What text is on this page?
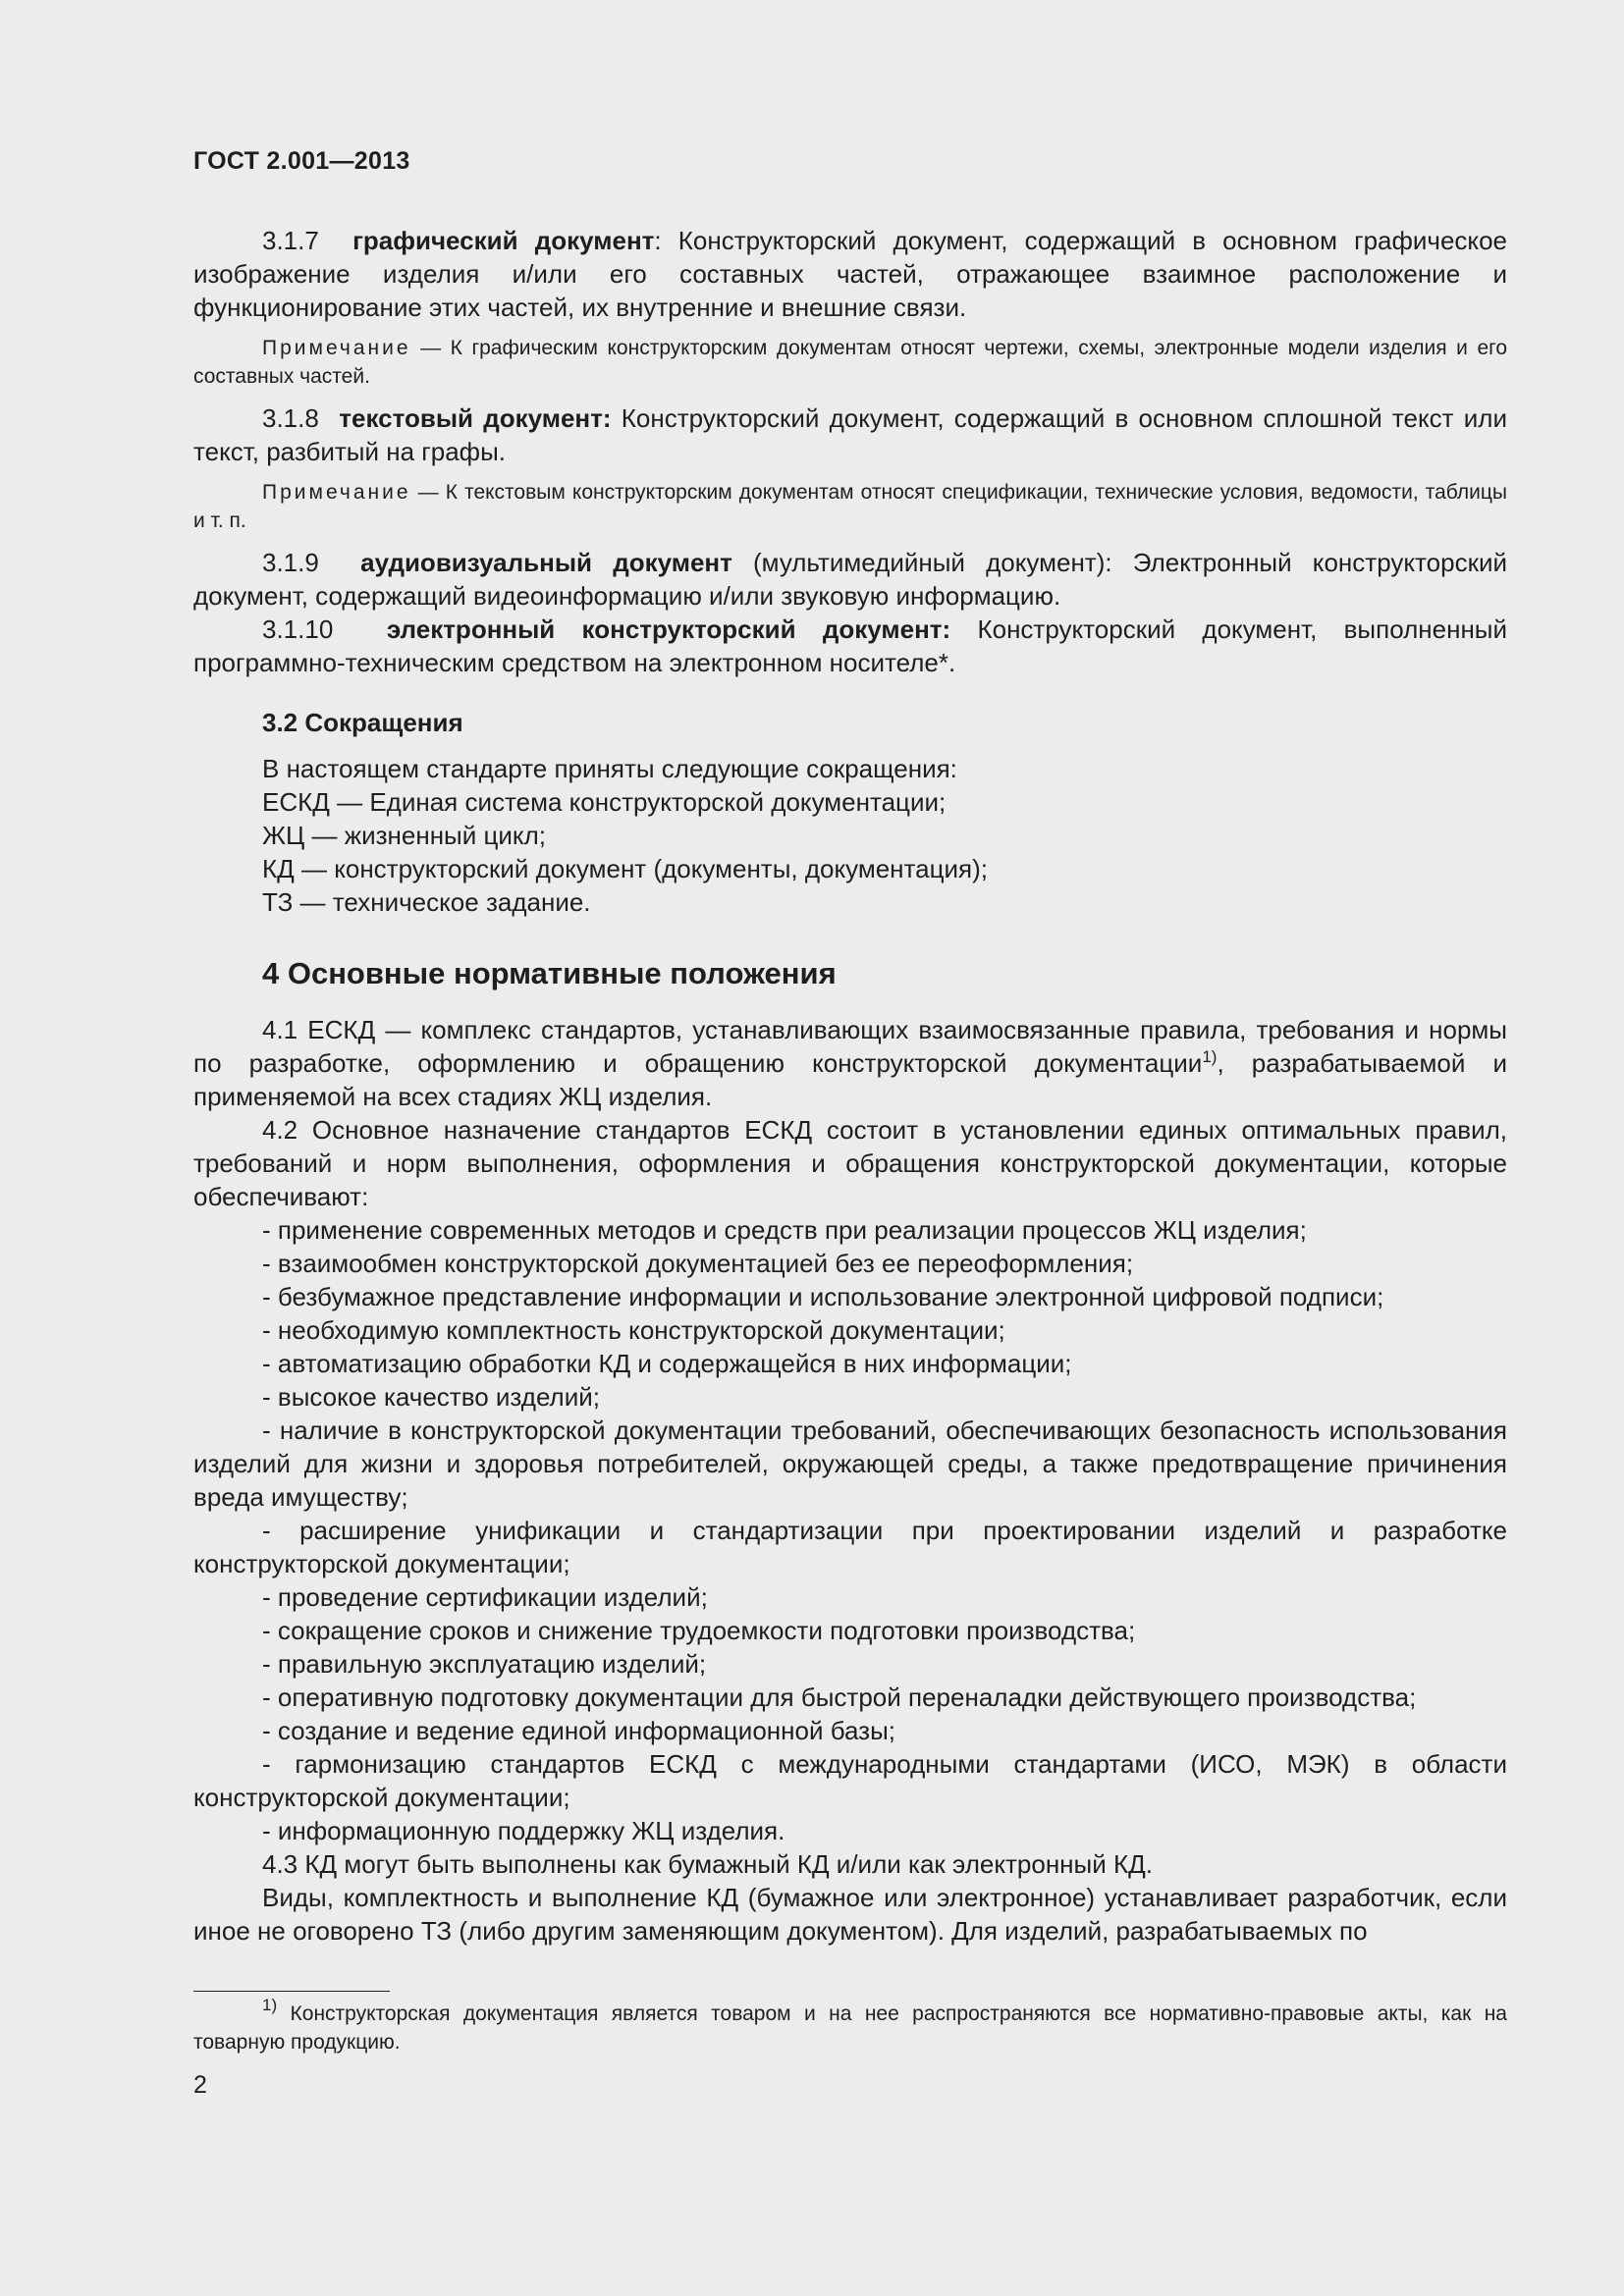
ГОСТ 2.001—2013

3.1.7 графический документ: Конструкторский документ, содержащий в основном графическое изображение изделия и/или его составных частей, отражающее взаимное расположение и функционирование этих частей, их внутренние и внешние связи.

Примечание — К графическим конструкторским документам относят чертежи, схемы, электронные модели изделия и его составных частей.

3.1.8 текстовый документ: Конструкторский документ, содержащий в основном сплошной текст или текст, разбитый на графы.

Примечание — К текстовым конструкторским документам относят спецификации, технические условия, ведомости, таблицы и т. п.

3.1.9 аудиовизуальный документ (мультимедийный документ): Электронный конструкторский документ, содержащий видеоинформацию и/или звуковую информацию.

3.1.10 электронный конструкторский документ: Конструкторский документ, выполненный программно-техническим средством на электронном носителе*.

3.2 Сокращения
В настоящем стандарте приняты следующие сокращения:
ЕСКД — Единая система конструкторской документации;
ЖЦ — жизненный цикл;
КД — конструкторский документ (документы, документация);
ТЗ — техническое задание.
4 Основные нормативные положения

4.1 ЕСКД — комплекс стандартов, устанавливающих взаимосвязанные правила, требования и нормы по разработке, оформлению и обращению конструкторской документации$^{1)}$, разрабатываемой и применяемой на всех стадиях ЖЦ изделия.

4.2 Основное назначение стандартов ЕСКД состоит в установлении единых оптимальных правил, требований и норм выполнения, оформления и обращения конструкторской документации, которые обеспечивают:

- применение современных методов и средств при реализации процессов ЖЦ изделия;

- взаимообмен конструкторской документацией без ее переоформления;

- безбумажное представление информации и использование электронной цифровой подписи;

- необходимую комплектность конструкторской документации;

- автоматизацию обработки КД и содержащейся в них информации;

- высокое качество изделий;

- наличие в конструкторской документации требований, обеспечивающих безопасность использования изделий для жизни и здоровья потребителей, окружающей среды, а также предотвращение причинения вреда имуществу;

- расширение унификации и стандартизации при проектировании изделий и разработке конструкторской документации;

- проведение сертификации изделий;

- сокращение сроков и снижение трудоемкости подготовки производства;

- правильную эксплуатацию изделий;

- оперативную подготовку документации для быстрой переналадки действующего производства;

- создание и ведение единой информационной базы;

- гармонизацию стандартов ЕСКД с международными стандартами (ИСО, МЭК) в области конструкторской документации;

- информационную поддержку ЖЦ изделия.

4.3 КД могут быть выполнены как бумажный КД и/или как электронный КД.

Виды, комплектность и выполнение КД (бумажное или электронное) устанавливает разработчик, если иное не оговорено ТЗ (либо другим заменяющим документом). Для изделий, разрабатываемых по

$^{1)}$ Конструкторская документация является товаром и на нее распространяются все нормативно-правовые акты, как на товарную продукцию.

2
